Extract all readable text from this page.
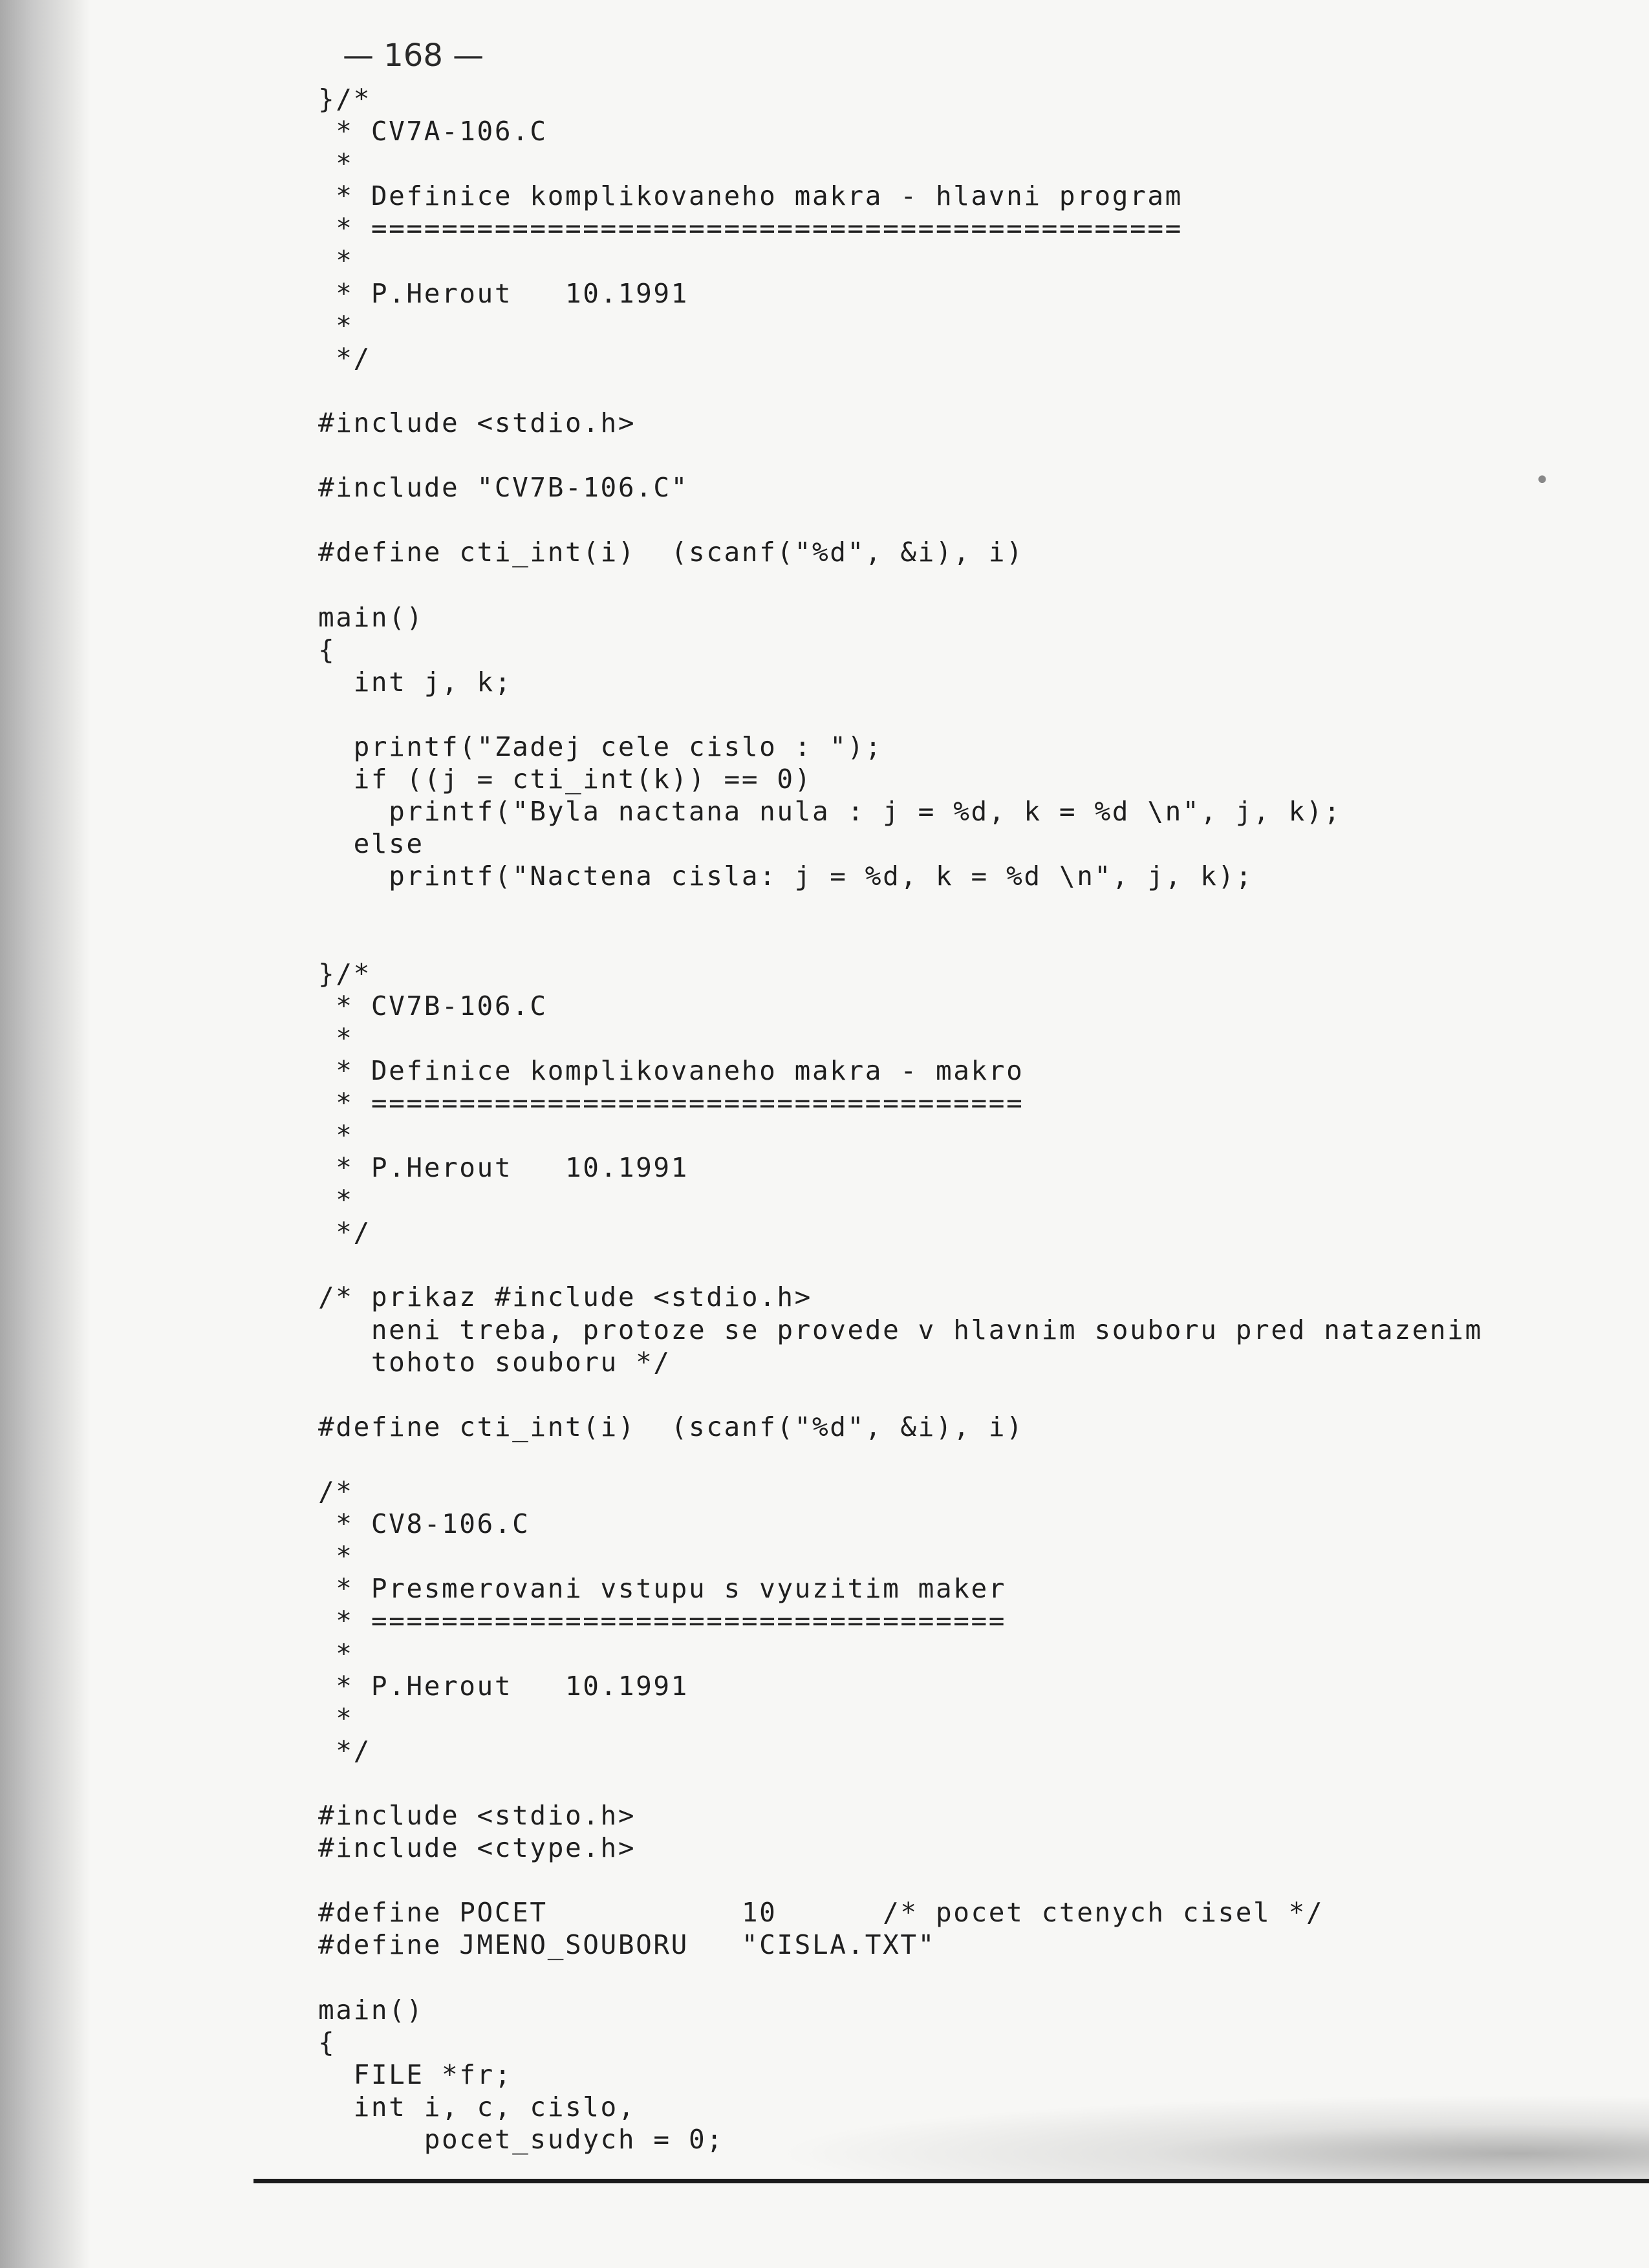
— 168 —
}/*
* CV7A-106.C
*
* Definice komplikovaneho makra - hlavni program
* ==============================================
*
* P.Herout   10.1991
*
*/
#include <stdio.h>
#include "CV7B-106.C"
#define cti_int(i)  (scanf("%d", &i), i)
main()
{
int j, k;
printf("Zadej cele cislo : ");
if ((j = cti_int(k)) == 0)
printf("Byla nactana nula : j = %d, k = %d \n", j, k);
else
printf("Nactena cisla: j = %d, k = %d \n", j, k);
}/*
* CV7B-106.C
*
* Definice komplikovaneho makra - makro
* =====================================
*
* P.Herout   10.1991
*
*/
/* prikaz #include <stdio.h>
neni treba, protoze se provede v hlavnim souboru pred natazenim
tohoto souboru */
#define cti_int(i)  (scanf("%d", &i), i)
/*
* CV8-106.C
*
* Presmerovani vstupu s vyuzitim maker
* ====================================
*
* P.Herout   10.1991
*
*/
#include <stdio.h>
#include <ctype.h>
#define POCET           10      /* pocet ctenych cisel */
#define JMENO_SOUBORU   "CISLA.TXT"
main()
{
FILE *fr;
int i, c, cislo,
pocet_sudych = 0;
•
